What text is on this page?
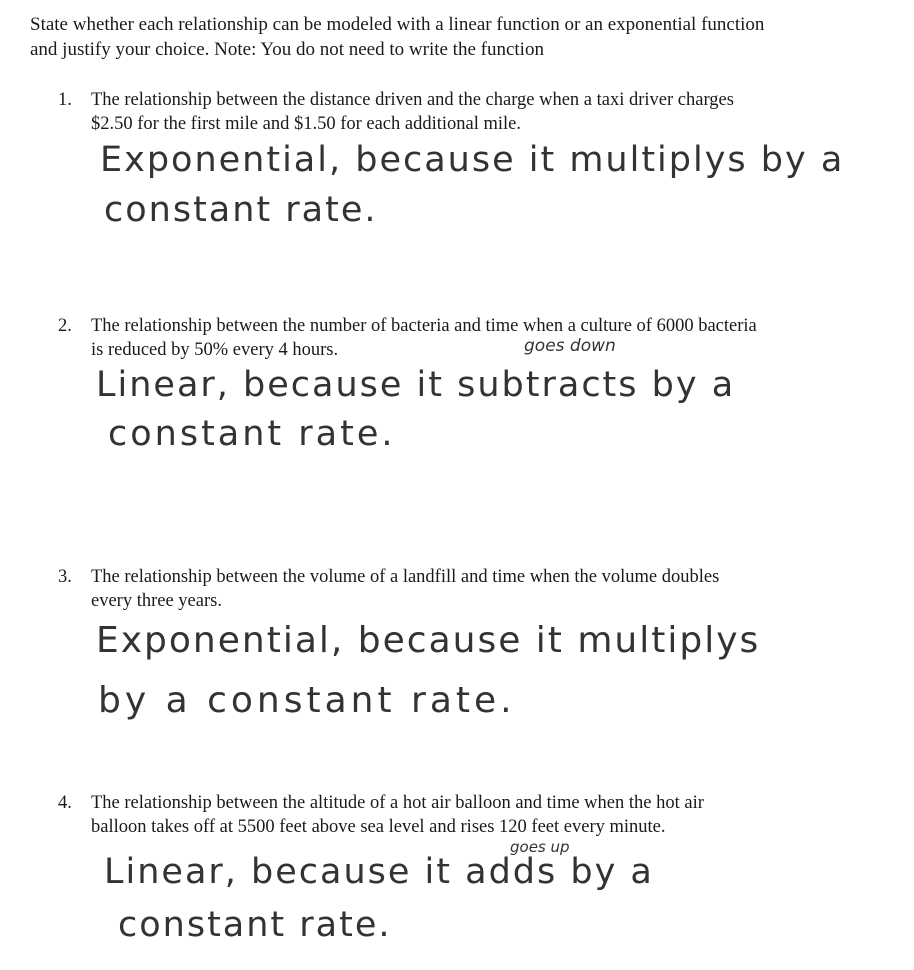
State whether each relationship can be modeled with a linear function or an exponential function
and justify your choice. Note: You do not need to write the function
1.	The relationship between the distance driven and the charge when a taxi driver charges
$2.50 for the first mile and $1.50 for each additional mile.
Exponential, because it multiplys by a
constant rate.
2.	The relationship between the number of bacteria and time when a culture of 6000 bacteria
is reduced by 50% every 4 hours.	goes down
Linear, because it subtracts by a
constant rate.
3.	The relationship between the volume of a landfill and time when the volume doubles
every three years.
Exponential, because it multiplys
by a constant rate.
4.	The relationship between the altitude of a hot air balloon and time when the hot air
balloon takes off at 5500 feet above sea level and rises 120 feet every minute.
goes up
Linear, because it adds by a
constant rate.
